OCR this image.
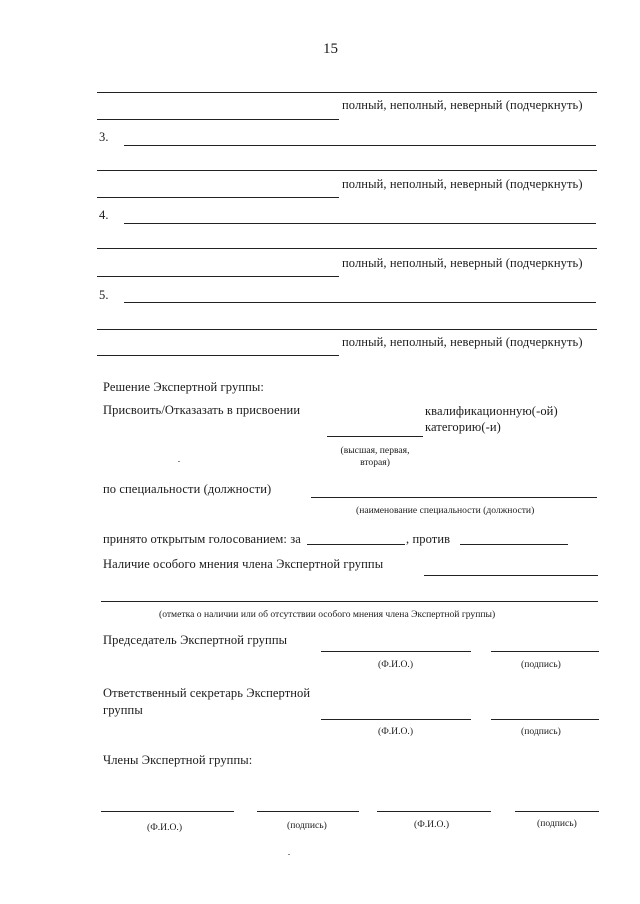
15
полный, неполный, неверный (подчеркнуть)
3.
полный, неполный, неверный (подчеркнуть)
4.
полный, неполный, неверный (подчеркнуть)
5.
полный, неполный, неверный (подчеркнуть)
Решение Экспертной группы:
Присвоить/Отказазать в присвоении	квалификационную(-ой)
категорию(-и)
(высшая, первая,
вторая)
по специальности (должности)
(наименование специальности (должности)
принято открытым голосованием: за	, против
Наличие особого мнения члена Экспертной группы
(отметка о наличии или об отсутствии особого мнения члена Экспертной группы)
Председатель Экспертной группы
(Ф.И.О.)	(подпись)
Ответственный секретарь Экспертной
группы
(Ф.И.О.)	(подпись)
Члены Экспертной группы:
(Ф.И.О.)	(подпись)	(Ф.И.О.)	(подпись)
